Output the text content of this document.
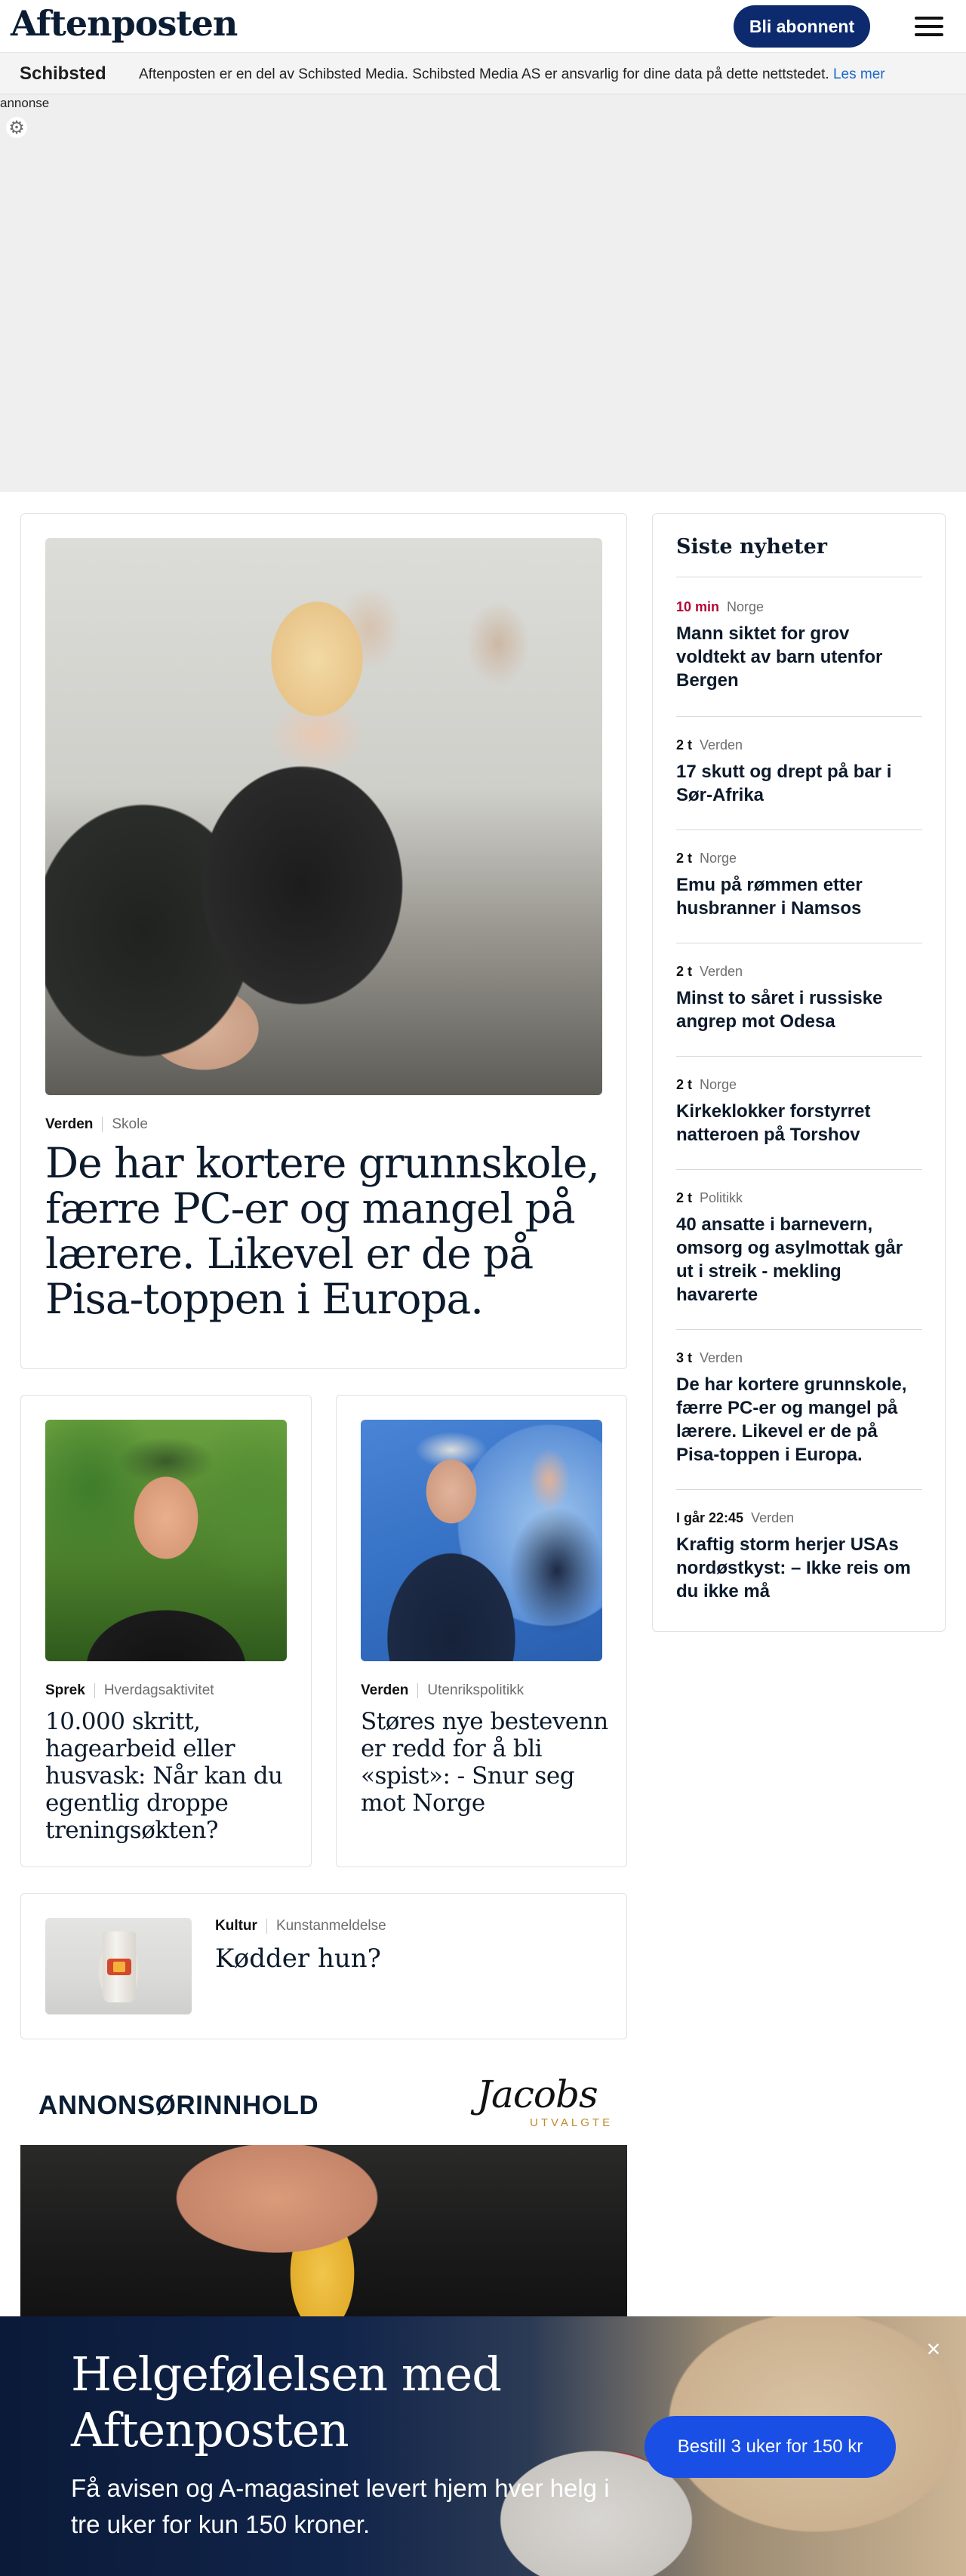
Aftenposten	Bli abonnent
Schibsted Aftenposten er en del av Schibsted Media. Schibsted Media AS er ansvarlig for dine data på dette nettstedet. Les mer
annonse
⚙
Verden Skole
De har kortere grunnskole, færre PC-er og mangel på lærere. Likevel er de på Pisa-toppen i Europa.
Sprek Hverdagsaktivitet
10.000 skritt, hagearbeid eller husvask: Når kan du egentlig droppe treningsøkten?
Verden Utenrikspolitikk
Støres nye bestevenn er redd for å bli «spist»: - Snur seg mot Norge
Kultur Kunstanmeldelse
Kødder hun?
Siste nyheter
10 min Norge
Mann siktet for grov voldtekt av barn utenfor Bergen
2 t Verden
17 skutt og drept på bar i Sør-Afrika
2 t Norge
Emu på rømmen etter husbranner i Namsos
2 t Verden
Minst to såret i russiske angrep mot Odesa
2 t Norge
Kirkeklokker forstyrret natteroen på Torshov
2 t Politikk
40 ansatte i barnevern, omsorg og asylmottak går ut i streik - mekling havarerte
3 t Verden
De har kortere grunnskole, færre PC-er og mangel på lærere. Likevel er de på Pisa-toppen i Europa.
I går 22:45 Verden
Kraftig storm herjer USAs nordøstkyst: – Ikke reis om du ikke må
ANNONSØRINNHOLD	Jacobs
UTVALGTE
Helgefølelsen med Aftenposten
Få avisen og A-magasinet levert hjem hver helg i tre uker for kun 150 kroner.
Bestill 3 uker for 150 kr
×
